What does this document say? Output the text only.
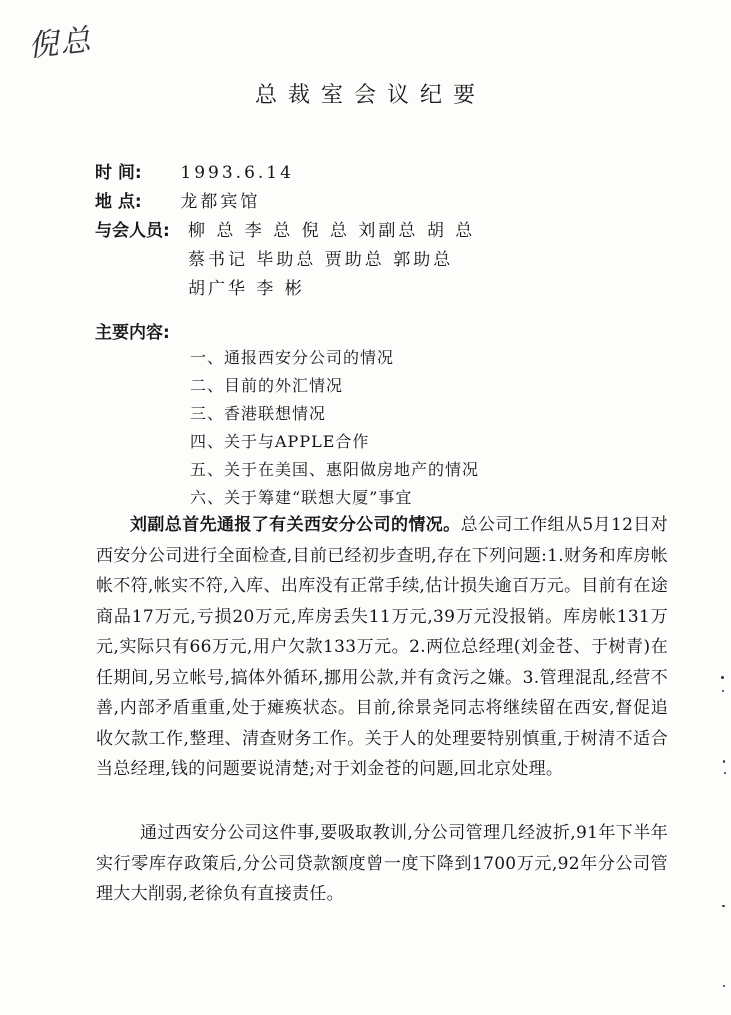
倪总
总裁室会议纪要
时 间: 1993.6.14
地 点: 龙都宾馆
与会人员:	柳 总 李 总 倪 总 刘副总 胡 总
蔡书记 毕助总 贾助总 郭助总
胡广华 李 彬
主要内容:
一、通报西安分公司的情况
二、目前的外汇情况
三、香港联想情况
四、关于与APPLE合作
五、关于在美国、惠阳做房地产的情况
六、关于筹建“联想大厦”事宜

刘副总首先通报了有关西安分公司的情况。总公司工作组从5月12日对西安分公司进行全面检查,目前已经初步查明,存在下列问题:1.财务和库房帐帐不符,帐实不符,入库、出库没有正常手续,估计损失逾百万元。目前有在途商品17万元,亏损20万元,库房丢失11万元,39万元没报销。库房帐131万元,实际只有66万元,用户欠款133万元。2.两位总经理(刘金苍、于树青)在任期间,另立帐号,搞体外循环,挪用公款,并有贪污之嫌。3.管理混乱,经营不善,内部矛盾重重,处于瘫痪状态。目前,徐景尧同志将继续留在西安,督促追收欠款工作,整理、清查财务工作。关于人的处理要特别慎重,于树清不适合当总经理,钱的问题要说清楚;对于刘金苍的问题,回北京处理。

通过西安分公司这件事,要吸取教训,分公司管理几经波折,91年下半年实行零库存政策后,分公司贷款额度曾一度下降到1700万元,92年分公司管理大大削弱,老徐负有直接责任。
